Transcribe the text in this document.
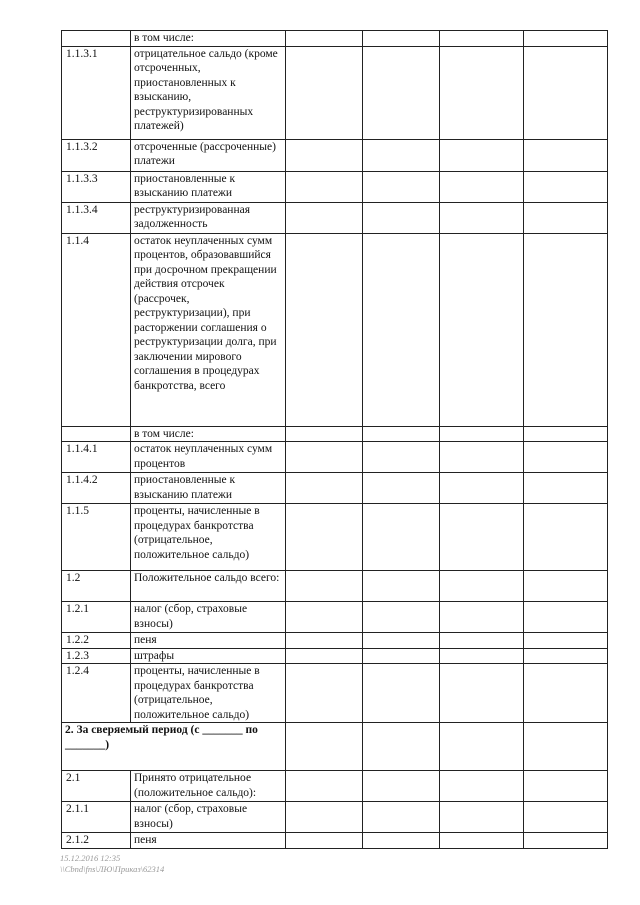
	в том числе:				
1.1.3.1	отрицательное сальдо (кроме отсроченных, приостановленных к взысканию, реструктуризированных платежей)				
1.1.3.2	отсроченные (рассроченные) платежи				
1.1.3.3	приостановленные к взысканию платежи				
1.1.3.4	реструктуризированная задолженность				
1.1.4	остаток неуплаченных сумм процентов, образовавшийся при досрочном прекращении действия отсрочек (рассрочек, реструктуризации), при расторжении соглашения о реструктуризации долга, при заключении мирового соглашения в процедурах банкротства, всего				
	в том числе:				
1.1.4.1	остаток неуплаченных сумм процентов				
1.1.4.2	приостановленные к взысканию платежи				
1.1.5	проценты, начисленные в процедурах банкротства (отрицательное, положительное сальдо)				
1.2	Положительное сальдо всего:				
1.2.1	налог (сбор, страховые взносы)				
1.2.2	пеня				
1.2.3	штрафы				
1.2.4	проценты, начисленные в процедурах банкротства (отрицательное, положительное сальдо)				
2. За сверяемый период (с _______ по _______)					
2.1	Принято отрицательное (положительное сальдо):				
2.1.1	налог (сбор, страховые взносы)				
2.1.2	пеня				
15.12.2016 12:35
\\Cbnd\fns\ЛЮ\Приказ\62314
